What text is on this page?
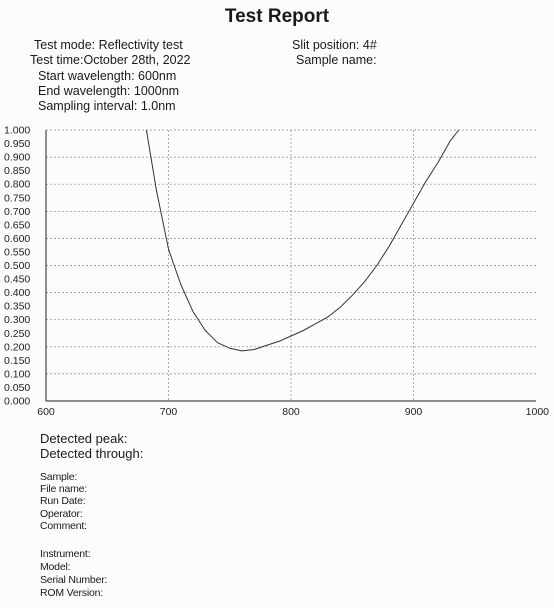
Test Report
Test mode: Reflectivity test
Test time:October 28th, 2022
Start wavelength: 600nm
End wavelength: 1000nm
Sampling interval: 1.0nm
Slit position: 4#
Sample name:
0.000
0.050
0.100
0.150
0.200
0.250
0.300
0.350
0.400
0.450
0.500
0.550
0.600
0.650
0.700
0.750
0.800
0.850
0.900
0.950
1.000
600	700	800	900	1000
Detected peak:
Detected through:
Sample:
File name:
Run Date:
Operator:
Comment:
Instrument:
Model:
Serial Number:
ROM Version:
